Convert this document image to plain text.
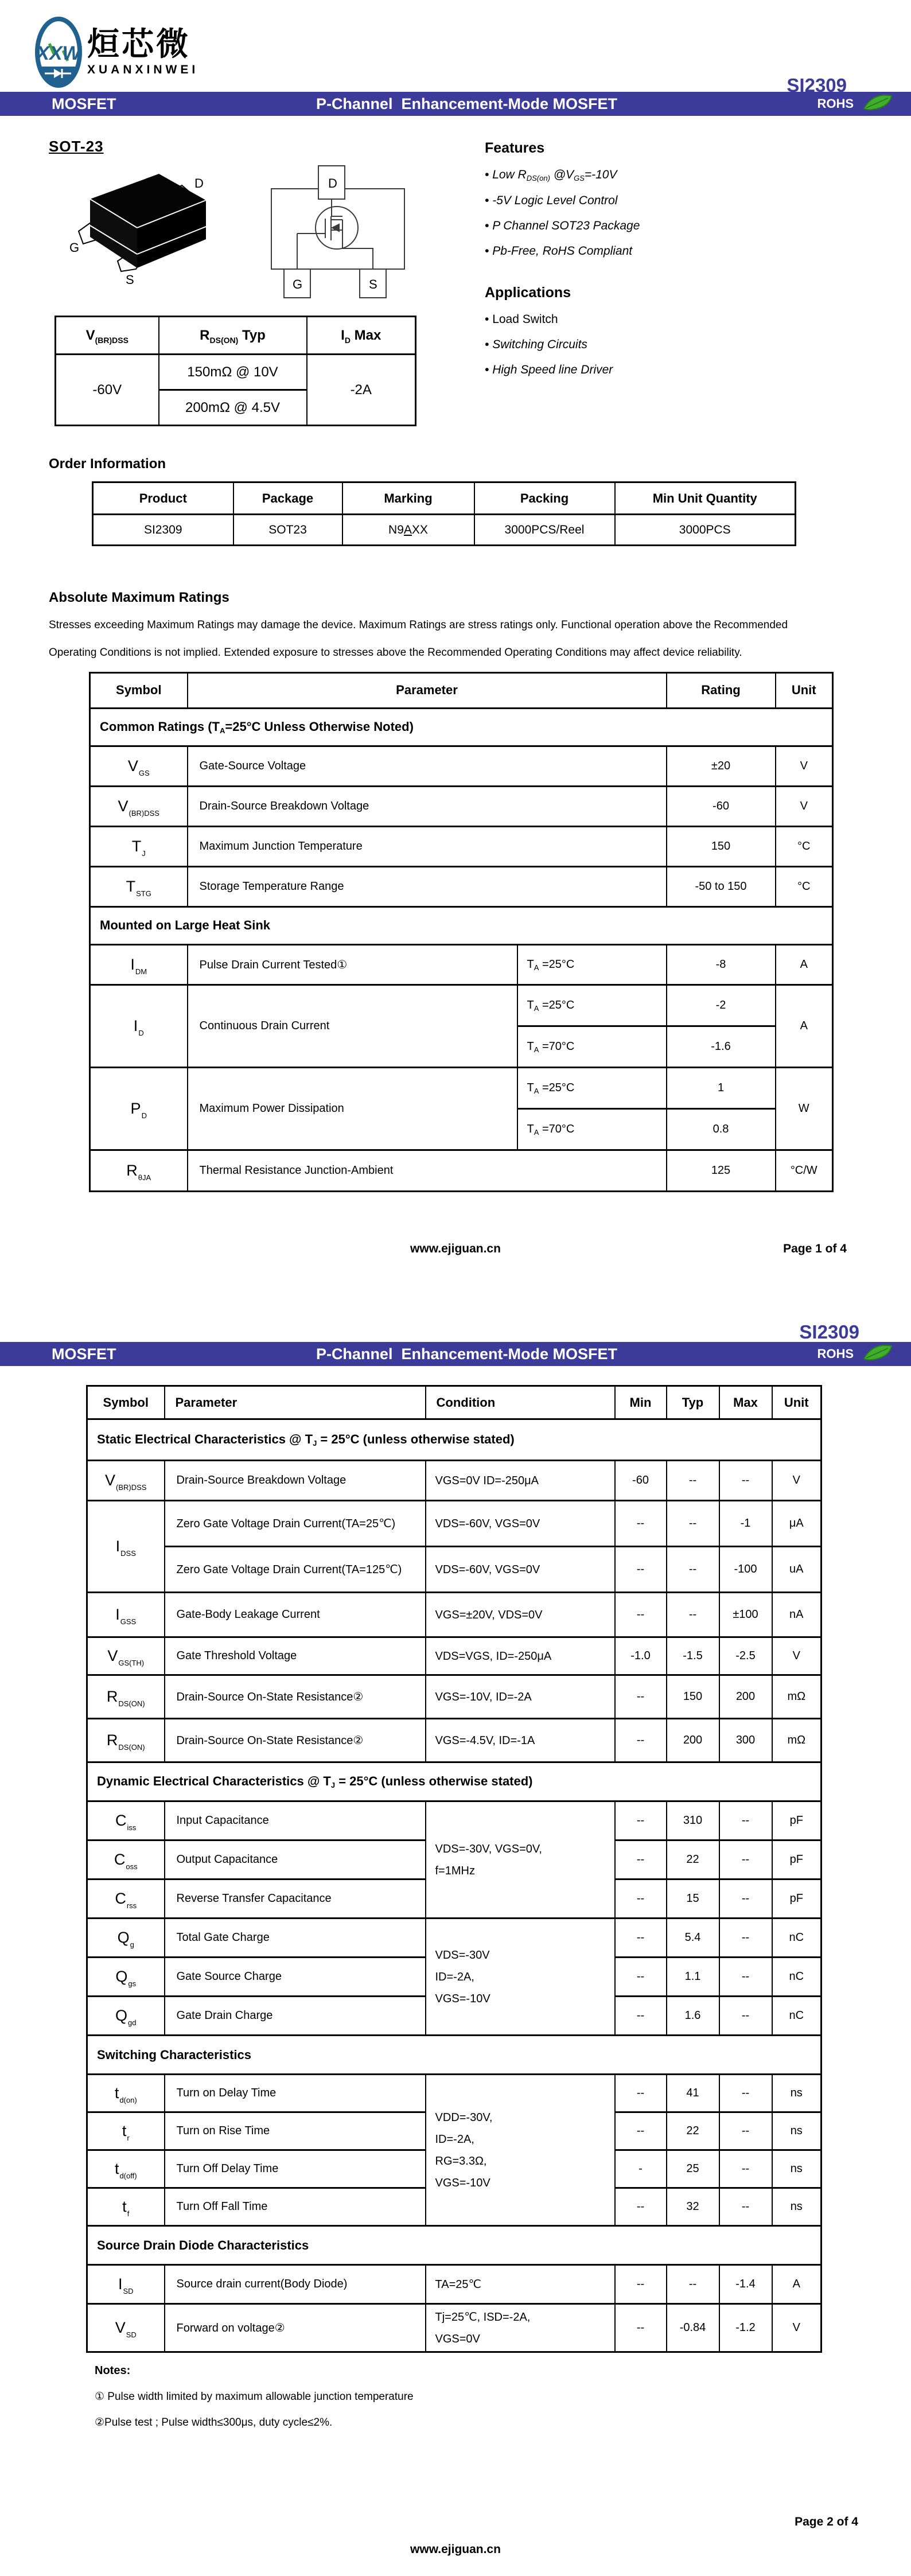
XXW 烜芯微
XUANXINWEI
SI2309
MOSFET	P-Channel  Enhancement-Mode MOSFET	ROHS
SOT-23
D
G
S
D
G	S
$V_{(BR)DSS}$	$R_{DS(ON)}$ Typ	$I_D$ Max
-60V	150mΩ @ 10V	-2A
	200mΩ @ 4.5V	
Features
• Low RDS(on) @VGS=-10V
• -5V Logic Level Control
• P Channel SOT23 Package
• Pb-Free, RoHS Compliant
Applications
• Load Switch
• Switching Circuits
• High Speed line Driver
Order Information
Product	Package	Marking	Packing	Min Unit Quantity
SI2309	SOT23	N9AXX	3000PCS/Reel	3000PCS
Absolute Maximum Ratings
Stresses exceeding Maximum Ratings may damage the device. Maximum Ratings are stress ratings only. Functional operation above the Recommended Operating Conditions is not implied. Extended exposure to stresses above the Recommended Operating Conditions may affect device reliability.
Symbol	Parameter		Rating	Unit
Common Ratings (TA=25°C Unless Otherwise Noted)				
$V_{GS}$	Gate-Source Voltage		±20	V
$V_{(BR)DSS}$	Drain-Source Breakdown Voltage		-60	V
$T_J$	Maximum Junction Temperature		150	°C
$T_{STG}$	Storage Temperature Range		-50 to 150	°C
Mounted on Large Heat Sink				
$I_{DM}$	Pulse Drain Current Tested①	$T_A =25^\circ C$	-8	A
$I_D$	Continuous Drain Current	$T_A =25^\circ C$	-2	A
		$T_A =70^\circ C$	-1.6	
$P_D$	Maximum Power Dissipation	$T_A =25^\circ C$	1	W
		$T_A =70^\circ C$	0.8	
$R_{\theta JA}$	Thermal Resistance Junction-Ambient		125	°C/W
www.ejiguan.cn	Page 1 of 4
SI2309
MOSFET	P-Channel  Enhancement-Mode MOSFET	ROHS
Symbol	Parameter	Condition	Min	Typ	Max	Unit
Static Electrical Characteristics @ TJ = 25°C (unless otherwise stated)						
$V_{(BR)DSS}$	Drain-Source Breakdown Voltage	VGS=0V ID=-250μA	-60	--	--	V
$I_{DSS}$	Zero Gate Voltage Drain Current(TA=25℃)	VDS=-60V, VGS=0V	--	--	-1	μA
	Zero Gate Voltage Drain Current(TA=125℃)	VDS=-60V, VGS=0V	--	--	-100	uA
$I_{GSS}$	Gate-Body Leakage Current	VGS=±20V, VDS=0V	--	--	±100	nA
$V_{GS(TH)}$	Gate Threshold Voltage	VDS=VGS, ID=-250μA	-1.0	-1.5	-2.5	V
$R_{DS(ON)}$	Drain-Source On-State Resistance②	VGS=-10V, ID=-2A	--	150	200	mΩ
$R_{DS(ON)}$	Drain-Source On-State Resistance②	VGS=-4.5V, ID=-1A	--	200	300	mΩ
Dynamic Electrical Characteristics @ TJ = 25°C (unless otherwise stated)						
$C_{iss}$	Input Capacitance	VDS=-30V, VGS=0V,
f=1MHz	--	310	--	pF
$C_{oss}$	Output Capacitance		--	22	--	pF
$C_{rss}$	Reverse Transfer Capacitance		--	15	--	pF
$Q_g$	Total Gate Charge	VDS=-30V
ID=-2A,
VGS=-10V	--	5.4	--	nC
$Q_{gs}$	Gate Source Charge		--	1.1	--	nC
$Q_{gd}$	Gate Drain Charge		--	1.6	--	nC
Switching Characteristics						
$t_{d(on)}$	Turn on Delay Time	VDD=-30V,
ID=-2A,
RG=3.3Ω,
VGS=-10V	--	41	--	ns
$t_r$	Turn on Rise Time		--	22	--	ns
$t_{d(off)}$	Turn Off Delay Time		-	25	--	ns
$t_f$	Turn Off Fall Time		--	32	--	ns
Source Drain Diode Characteristics						
$I_{SD}$	Source drain current(Body Diode)	TA=25℃	--	--	-1.4	A
$V_{SD}$	Forward on voltage②	Tj=25℃, ISD=-2A,
VGS=0V	--	-0.84	-1.2	V
Notes:
① Pulse width limited by maximum allowable junction temperature
②Pulse test ; Pulse width≤300μs, duty cycle≤2%.
Page 2 of 4
www.ejiguan.cn
